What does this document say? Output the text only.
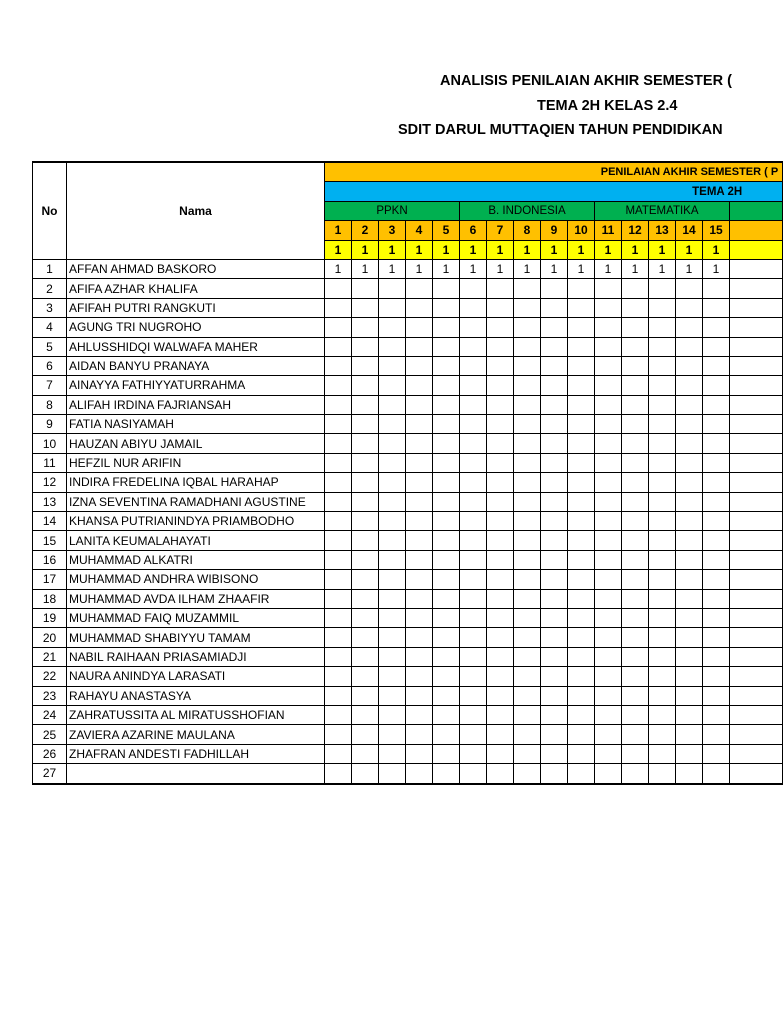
ANALISIS PENILAIAN AKHIR SEMESTER (
TEMA 2H KELAS 2.4
SDIT DARUL MUTTAQIEN TAHUN PENDIDIKAN
No	Nama	PENILAIAN AKHIR SEMESTER ( P															
		TEMA 2H															
		PPKN					B. INDONESIA					MATEMATIKA					
		1	2	3	4	5	6	7	8	9	10	11	12	13	14	15	
		1	1	1	1	1	1	1	1	1	1	1	1	1	1	1	
1	AFFAN AHMAD BASKORO	1	1	1	1	1	1	1	1	1	1	1	1	1	1	1	
2	AFIFA AZHAR KHALIFA																
3	AFIFAH PUTRI RANGKUTI																
4	AGUNG TRI NUGROHO																
5	AHLUSSHIDQI WALWAFA MAHER																
6	AIDAN BANYU PRANAYA																
7	AINAYYA FATHIYYATURRAHMA																
8	ALIFAH IRDINA FAJRIANSAH																
9	FATIA NASIYAMAH																
10	HAUZAN ABIYU JAMAIL																
11	HEFZIL NUR ARIFIN																
12	INDIRA FREDELINA IQBAL HARAHAP																
13	IZNA SEVENTINA RAMADHANI AGUSTINE																
14	KHANSA PUTRIANINDYA PRIAMBODHO																
15	LANITA KEUMALAHAYATI																
16	MUHAMMAD ALKATRI																
17	MUHAMMAD ANDHRA WIBISONO																
18	MUHAMMAD AVDA ILHAM ZHAAFIR																
19	MUHAMMAD FAIQ MUZAMMIL																
20	MUHAMMAD SHABIYYU TAMAM																
21	NABIL RAIHAAN PRIASAMIADJI																
22	NAURA ANINDYA LARASATI																
23	RAHAYU ANASTASYA																
24	ZAHRATUSSITA AL MIRATUSSHOFIAN																
25	ZAVIERA AZARINE MAULANA																
26	ZHAFRAN ANDESTI FADHILLAH																
27																	
